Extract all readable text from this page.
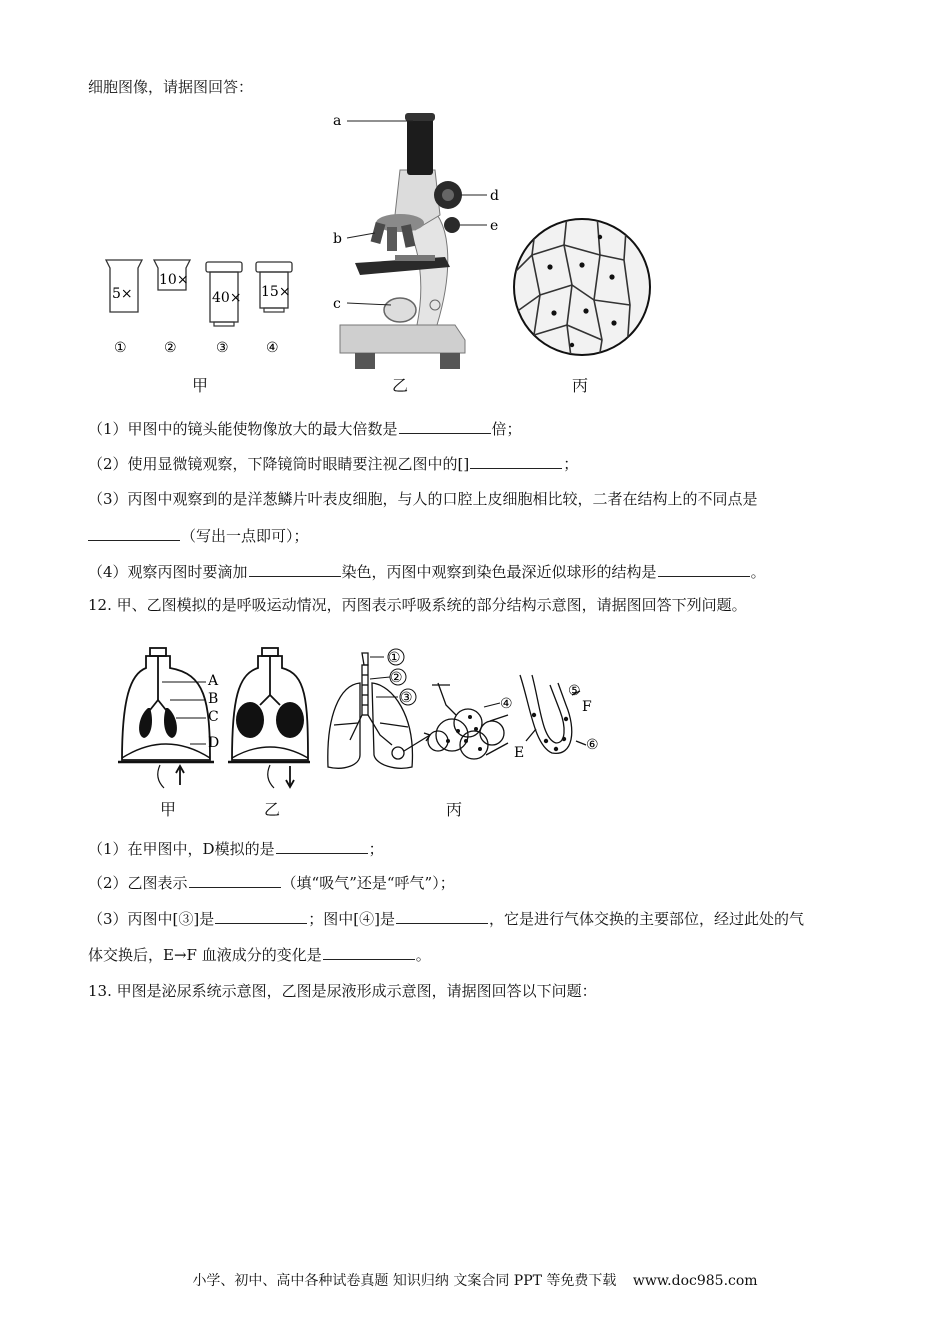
细胞图像，请据图回答：
5×
10×
40× 15×
①	②	③	④
a
b
c
d
e
甲	乙	丙
（1）甲图中的镜头能使物像放大的最大倍数是	倍；
（2）使用显微镜观察，下降镜筒时眼睛要注视乙图中的[]	；
（3）丙图中观察到的是洋葱鳞片叶表皮细胞，与人的口腔上皮细胞相比较，二者在结构上的不同点是
（写出一点即可）；
（4）观察丙图时要滴加	染色，丙图中观察到染色最深近似球形的结构是	。
12. 甲、乙图模拟的是呼吸运动情况，丙图表示呼吸系统的部分结构示意图，请据图回答下列问题。
A
B
C
D
①
②
③	④
⑤
⑥
E
F
甲	乙	丙
（1）在甲图中，D模拟的是	；
（2）乙图表示	（填“吸气”还是“呼气”）；
（3）丙图中[③]是	；图中[④]是	，它是进行气体交换的主要部位，经过此处的气
体交换后，E→F 血液成分的变化是	。
13. 甲图是泌尿系统示意图，乙图是尿液形成示意图，请据图回答以下问题：
小学、初中、高中各种试卷真题 知识归纳 文案合同 PPT 等免费下载 www.doc985.com
